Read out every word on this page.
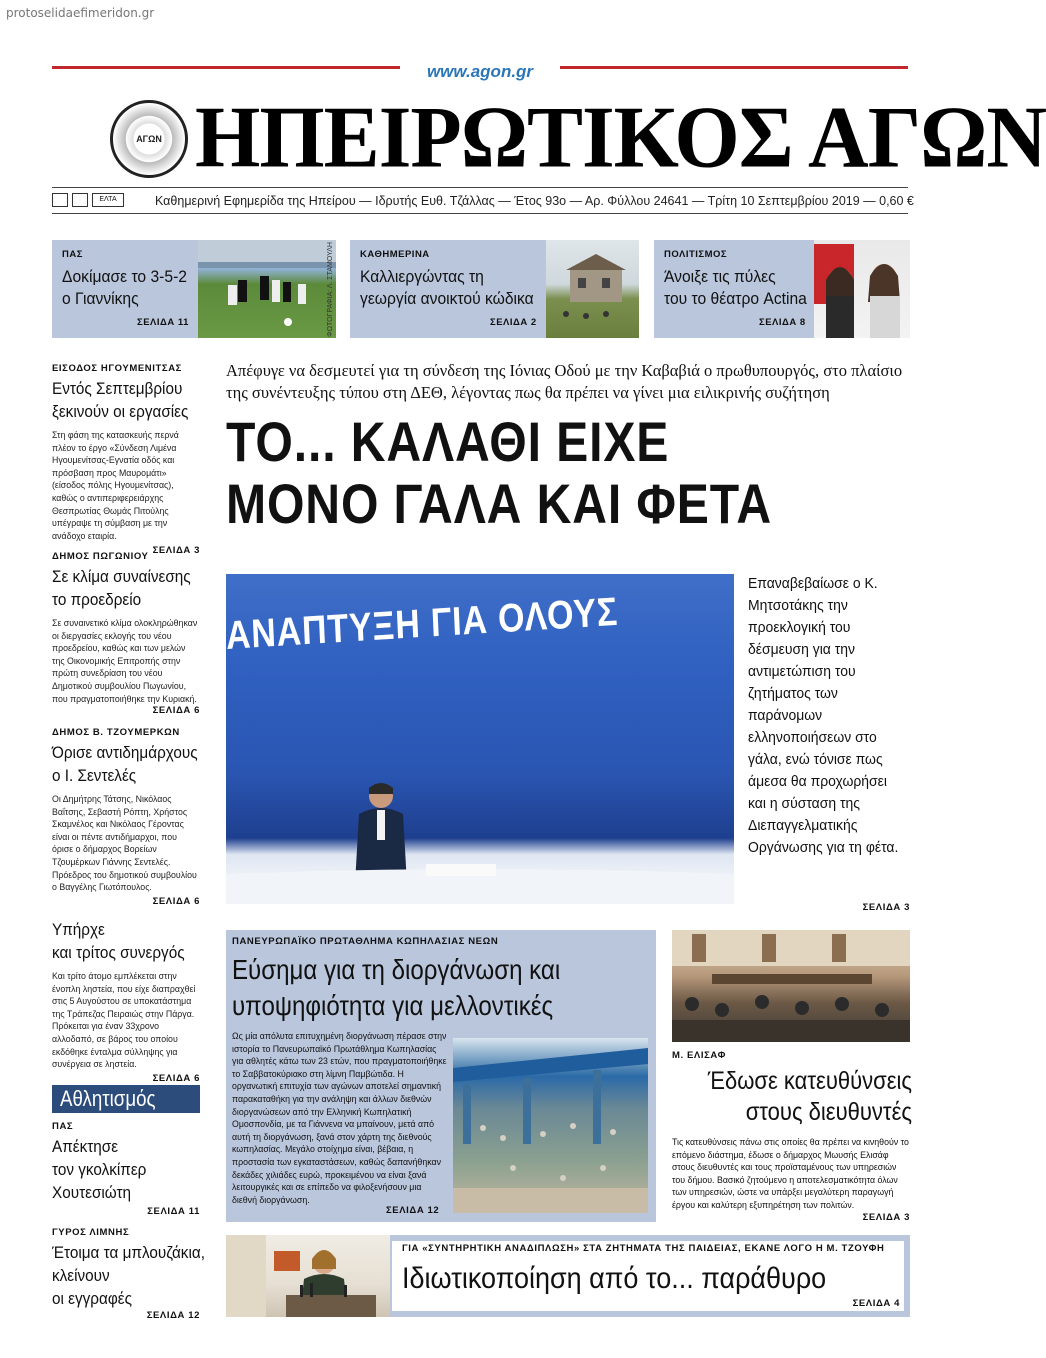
protoselidaefimeridon.gr
www.agon.gr
ΑΓΩΝ ΗΠΕΙΡΩΤΙΚΟΣ ΑΓΩΝ
ΕΛΤΑ	Καθημερινή Εφημερίδα της Ηπείρου — Ιδρυτής Ευθ. Τζάλλας — Έτος 93ο — Αρ. Φύλλου 24641 — Τρίτη 10 Σεπτεμβρίου 2019 — 0,60 €
ΠΑΣ
Δοκίμασε το 3-5-2
ο Γιαννίκης
ΣΕΛΙΔΑ 11	ΦΩΤΟΓΡΑΦΙΑ: Λ. ΣΤΑΜΟΥΛΗ	ΚΑΘΗΜΕΡΙΝΑ
Καλλιεργώντας τη
γεωργία ανοικτού κώδικα
ΣΕΛΙΔΑ 2
ΠΟΛΙΤΙΣΜΟΣ
Άνοιξε τις πύλες
του το θέατρο Actina
ΣΕΛΙΔΑ 8
ΕΙΣΟΔΟΣ ΗΓΟΥΜΕΝΙΤΣΑΣ
Εντός Σεπτεμβρίου
ξεκινούν οι εργασίες
Στη φάση της κατασκευής περνά πλέον το έργο «Σύνδεση Λιμένα Ηγουμενίτσας-Εγνατία οδός και πρόσβαση προς Μαυρομάτι» (είσοδος πόλης Ηγουμενίτσας), καθώς ο αντιπεριφερειάρχης Θεσπρωτίας Θωμάς Πιτούλης υπέγραψε τη σύμβαση με την ανάδοχο εταιρία.
ΣΕΛΙΔΑ 3
ΔΗΜΟΣ ΠΩΓΩΝΙΟΥ
Σε κλίμα συναίνεσης
το προεδρείο
Σε συναινετικό κλίμα ολοκληρώθηκαν οι διεργασίες εκλογής του νέου προεδρείου, καθώς και των μελών της Οικονομικής Επιτροπής στην πρώτη συνεδρίαση του νέου Δημοτικού συμβουλίου Πωγωνίου, που πραγματοποιήθηκε την Κυριακή.
ΣΕΛΙΔΑ 6
ΔΗΜΟΣ Β. ΤΖΟΥΜΕΡΚΩΝ
Όρισε αντιδημάρχους
ο Ι. Σεντελές
Οι Δημήτρης Τάτσης, Νικόλαος Βαΐτσης, Σεβαστή Ρόπτη, Χρήστος Σκαμνέλος και Νικόλαος Γέροντας είναι οι πέντε αντιδήμαρχοι, που όρισε ο δήμαρχος Βορείων Τζουμέρκων Γιάννης Σεντελές. Πρόεδρος του δημοτικού συμβουλίου ο Βαγγέλης Γιωτόπουλος.
ΣΕΛΙΔΑ 6
Υπήρχε
και τρίτος συνεργός
Και τρίτο άτομο εμπλέκεται στην ένοπλη ληστεία, που είχε διαπραχθεί στις 5 Αυγούστου σε υποκατάστημα της Τράπεζας Πειραιώς στην Πάργα. Πρόκειται για έναν 33χρονο αλλοδαπό, σε βάρος του οποίου εκδόθηκε ένταλμα σύλληψης για συνέργεια σε ληστεία.
ΣΕΛΙΔΑ 6
Αθλητισμός
ΠΑΣ
Απέκτησε
τον γκολκίπερ
Χουτεσιώτη
ΣΕΛΙΔΑ 11
ΓΥΡΟΣ ΛΙΜΝΗΣ
Έτοιμα τα μπλουζάκια,
κλείνουν
οι εγγραφές
ΣΕΛΙΔΑ 12
Απέφυγε να δεσμευτεί για τη σύνδεση της Ιόνιας Οδού με την Καβαβιά ο πρωθυπουργός, στο πλαίσιο της συνέντευξης τύπου στη ΔΕΘ, λέγοντας πως θα πρέπει να γίνει μια ειλικρινής συζήτηση
ΤΟ... ΚΑΛΑΘΙ ΕΙΧΕ
ΜΟΝΟ ΓΑΛΑ ΚΑΙ ΦΕΤΑ
ΑΝΑΠΤΥΞΗ ΓΙΑ ΟΛΟΥΣ
Επαναβεβαίωσε ο Κ. Μητσοτάκης την προεκλογική του δέσμευση για την αντιμετώπιση του ζητήματος των παράνομων ελληνοποιήσεων στο γάλα, ενώ τόνισε πως άμεσα θα προχωρήσει και η σύσταση της Διεπαγγελματικής Οργάνωσης για τη φέτα.
ΣΕΛΙΔΑ 3
ΠΑΝΕΥΡΩΠΑΪΚΟ ΠΡΩΤΑΘΛΗΜΑ ΚΩΠΗΛΑΣΙΑΣ ΝΕΩΝ
Εύσημα για τη διοργάνωση και
υποψηφιότητα για μελλοντικές
Ως μία απόλυτα επιτυχημένη διοργάνωση πέρασε στην ιστορία το Πανευρωπαϊκό Πρωτάθλημα Κωπηλασίας για αθλητές κάτω των 23 ετών, που πραγματοποιήθηκε το Σαββατοκύριακο στη λίμνη Παμβώτιδα. Η οργανωτική επιτυχία των αγώνων αποτελεί σημαντική παρακαταθήκη για την ανάληψη και άλλων διεθνών διοργανώσεων από την Ελληνική Κωπηλατική Ομοσπονδία, με τα Γιάννενα να μπαίνουν, μετά από αυτή τη διοργάνωση, ξανά στον χάρτη της διεθνούς κωπηλασίας. Μεγάλο στοίχημα είναι, βέβαια, η προστασία των εγκαταστάσεων, καθώς δαπανήθηκαν δεκάδες χιλιάδες ευρώ, προκειμένου να είναι ξανά λειτουργικές και σε επίπεδο να φιλοξενήσουν μια διεθνή διοργάνωση.
ΣΕΛΙΔΑ 12
Μ. ΕΛΙΣΑΦ
Έδωσε κατευθύνσεις
στους διευθυντές
Τις κατευθύνσεις πάνω στις οποίες θα πρέπει να κινηθούν το επόμενο διάστημα, έδωσε ο δήμαρχος Μωυσής Ελισάφ στους διευθυντές και τους προϊσταμένους των υπηρεσιών του δήμου. Βασικό ζητούμενο η αποτελεσματικότητα όλων των υπηρεσιών, ώστε να υπάρξει μεγαλύτερη παραγωγή έργου και καλύτερη εξυπηρέτηση των πολιτών.
ΣΕΛΙΔΑ 3
ΓΙΑ «ΣΥΝΤΗΡΗΤΙΚΗ ΑΝΑΔΙΠΛΩΣΗ» ΣΤΑ ΖΗΤΗΜΑΤΑ ΤΗΣ ΠΑΙΔΕΙΑΣ, ΕΚΑΝΕ ΛΟΓΟ Η Μ. ΤΖΟΥΦΗ
Ιδιωτικοποίηση από το... παράθυρο
ΣΕΛΙΔΑ 4
